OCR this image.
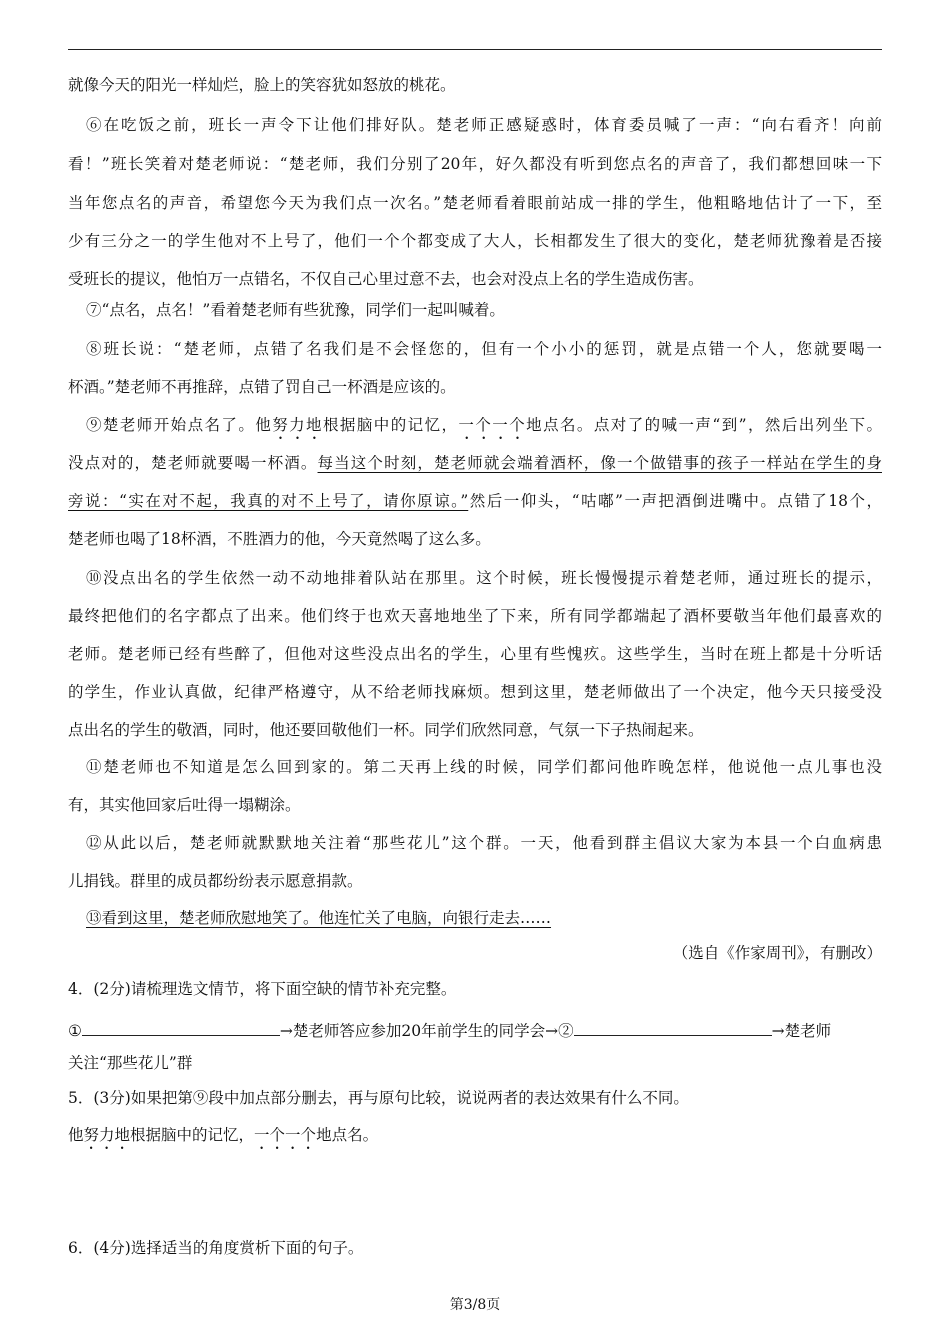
就像今天的阳光一样灿烂，脸上的笑容犹如怒放的桃花。
⑥在吃饭之前，班长一声令下让他们排好队。楚老师正感疑惑时，体育委员喊了一声：“向右看齐！向前
看！”班长笑着对楚老师说：“楚老师，我们分别了20年，好久都没有听到您点名的声音了，我们都想回味一下
当年您点名的声音，希望您今天为我们点一次名。”楚老师看着眼前站成一排的学生，他粗略地估计了一下，至
少有三分之一的学生他对不上号了，他们一个个都变成了大人，长相都发生了很大的变化，楚老师犹豫着是否接
受班长的提议，他怕万一点错名，不仅自己心里过意不去，也会对没点上名的学生造成伤害。
⑦“点名，点名！”看着楚老师有些犹豫，同学们一起叫喊着。
⑧班长说：“楚老师，点错了名我们是不会怪您的，但有一个小小的惩罚，就是点错一个人，您就要喝一
杯酒。”楚老师不再推辞，点错了罚自己一杯酒是应该的。
⑨楚老师开始点名了。他努力地根据脑中的记忆，一个一个地点名。点对了的喊一声“到”，然后出列坐下。
没点对的，楚老师就要喝一杯酒。每当这个时刻，楚老师就会端着酒杯，像一个做错事的孩子一样站在学生的身
旁说：“实在对不起，我真的对不上号了，请你原谅。”然后一仰头，“咕嘟”一声把酒倒进嘴中。点错了18个，
楚老师也喝了18杯酒，不胜酒力的他，今天竟然喝了这么多。
⑩没点出名的学生依然一动不动地排着队站在那里。这个时候，班长慢慢提示着楚老师，通过班长的提示，
最终把他们的名字都点了出来。他们终于也欢天喜地地坐了下来，所有同学都端起了酒杯要敬当年他们最喜欢的
老师。楚老师已经有些醉了，但他对这些没点出名的学生，心里有些愧疚。这些学生，当时在班上都是十分听话
的学生，作业认真做，纪律严格遵守，从不给老师找麻烦。想到这里，楚老师做出了一个决定，他今天只接受没
点出名的学生的敬酒，同时，他还要回敬他们一杯。同学们欣然同意，气氛一下子热闹起来。
⑪楚老师也不知道是怎么回到家的。第二天再上线的时候，同学们都问他昨晚怎样，他说他一点儿事也没
有，其实他回家后吐得一塌糊涂。
⑫从此以后，楚老师就默默地关注着“那些花儿”这个群。一天，他看到群主倡议大家为本县一个白血病患
儿捐钱。群里的成员都纷纷表示愿意捐款。
⑬看到这里，楚老师欣慰地笑了。他连忙关了电脑，向银行走去……
（选自《作家周刊》，有删改）
4．(2分)请梳理选文情节，将下面空缺的情节补充完整。
①	→楚老师答应参加20年前学生的同学会→②	→楚老师
关注“那些花儿”群
5．(3分)如果把第⑨段中加点部分删去，再与原句比较，说说两者的表达效果有什么不同。
他努力地根据脑中的记忆，一个一个地点名。
6．(4分)选择适当的角度赏析下面的句子。
第3/8页
